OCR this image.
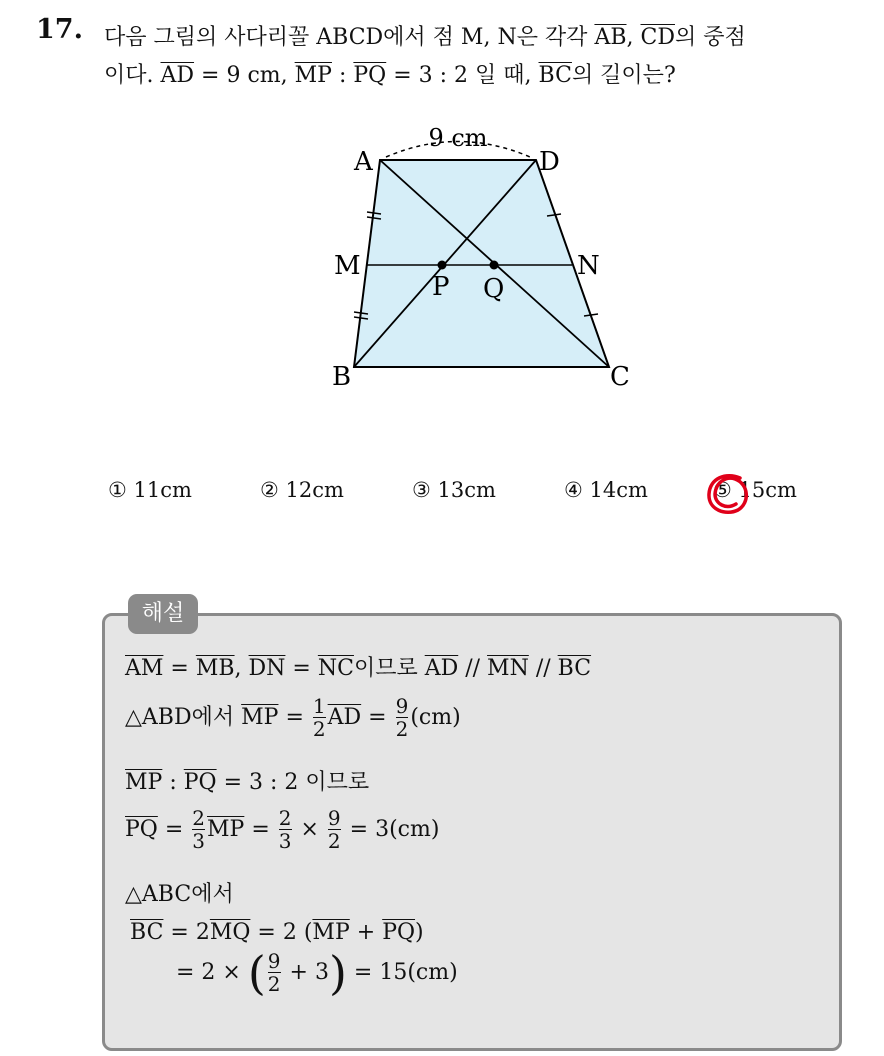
17. 다음 그림의 사다리꼴 ABCD에서 점 M, N은 각각 $\overline{AB}$, $\overline{CD}$의 중점
이다. $\overline{AD} = 9$ cm, $\overline{MP}$ : $\overline{PQ} = 3$ : 2 일 때, $\overline{BC}$의 길이는?
9 cm
A	D
M	N
P Q
B	C
① 11cm	② 12cm	③ 13cm	④ 14cm	⑤ 15cm
해설
$\overline{AM} = \overline{MB}$, $\overline{DN} = \overline{NC}$이므로 $\overline{AD} // \overline{MN} // \overline{BC}$
△ABD에서 $\overline{MP} = \frac{1}{2} \overline{AD} = \frac{9}{2} (cm)$
$\overline{MP}$ : $\overline{PQ} = 3$ : 2 이므로
$\overline{PQ} = \frac{2}{3} \overline{MP} = \frac{2}{3} \times \frac{9}{2} = 3(cm)$
△ABC에서
$\overline{BC} = 2\overline{MQ} = 2$ $(\overline{MP} + \overline{PQ})$
= 2 × ( $\frac{9}{2} + 3) = 15(cm)$
